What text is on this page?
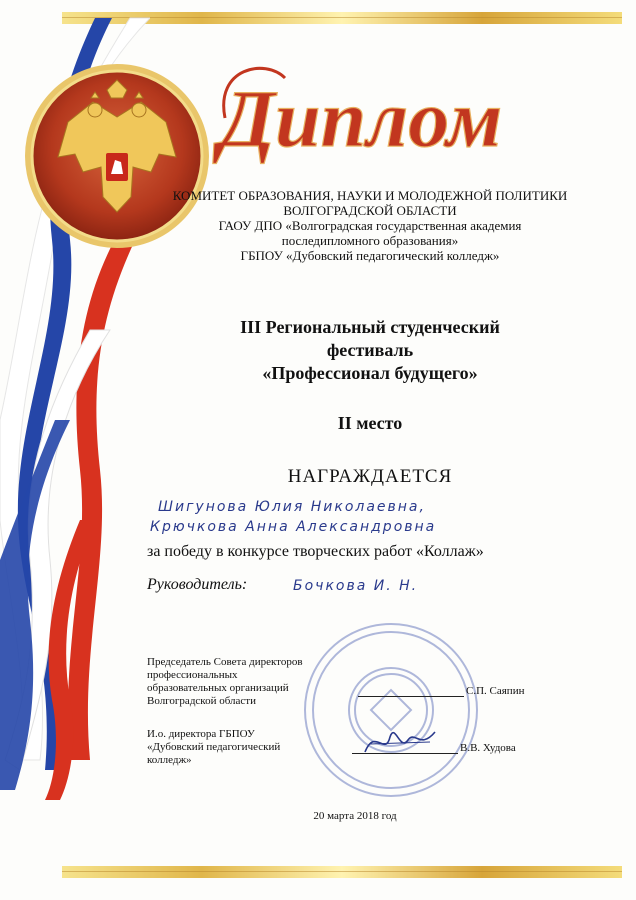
Диплом
КОМИТЕТ ОБРАЗОВАНИЯ, НАУКИ И МОЛОДЕЖНОЙ ПОЛИТИКИ
ВОЛГОГРАДСКОЙ ОБЛАСТИ
ГАОУ ДПО «Волгоградская государственная академия
последипломного образования»
ГБПОУ «Дубовский педагогический колледж»
III Региональный студенческий
фестиваль
«Профессионал будущего»
II место
НАГРАЖДАЕТСЯ
Шигунова Юлия Николаевна,
Крючкова Анна Александровна
за победу в конкурсе творческих работ «Коллаж»
Руководитель:	Бочкова И. Н.
Председатель Совета директоров
профессиональных
образовательных организаций
Волгоградской области
С.П. Саяпин
И.о. директора ГБПОУ
«Дубовский педагогический
колледж»
В.В. Худова
20 марта 2018 год
